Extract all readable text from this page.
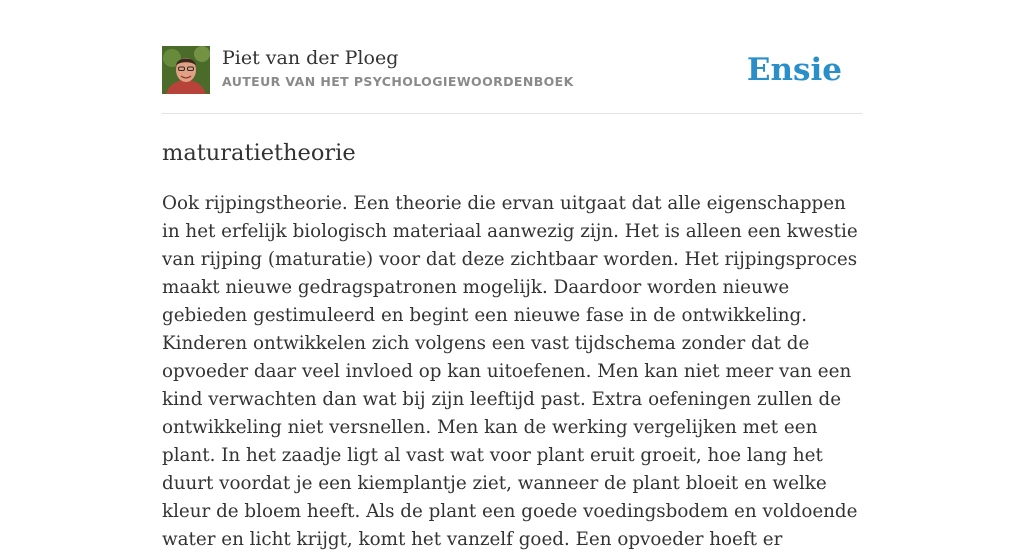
Piet van der Ploeg
AUTEUR VAN HET PSYCHOLOGIEWOORDENBOEK	Ensie
maturatietheorie

Ook rijpingstheorie. Een theorie die ervan uitgaat dat alle eigenschappen in het erfelijk biologisch materiaal aanwezig zijn. Het is alleen een kwestie van rijping (maturatie) voor dat deze zichtbaar worden. Het rijpingsproces maakt nieuwe gedragspatronen mogelijk. Daardoor worden nieuwe gebieden gestimuleerd en begint een nieuwe fase in de ontwikkeling. Kinderen ontwikkelen zich volgens een vast tijdschema zonder dat de opvoeder daar veel invloed op kan uitoefenen. Men kan niet meer van een kind verwachten dan wat bij zijn leeftijd past. Extra oefeningen zullen de ontwikkeling niet versnellen. Men kan de werking vergelijken met een plant. In het zaadje ligt al vast wat voor plant eruit groeit, hoe lang het duurt voordat je een kiemplantje ziet, wanneer de plant bloeit en welke kleur de bloem heeft. Als de plant een goede voedingsbodem en voldoende water en licht krijgt, komt het vanzelf goed. Een opvoeder hoeft er
